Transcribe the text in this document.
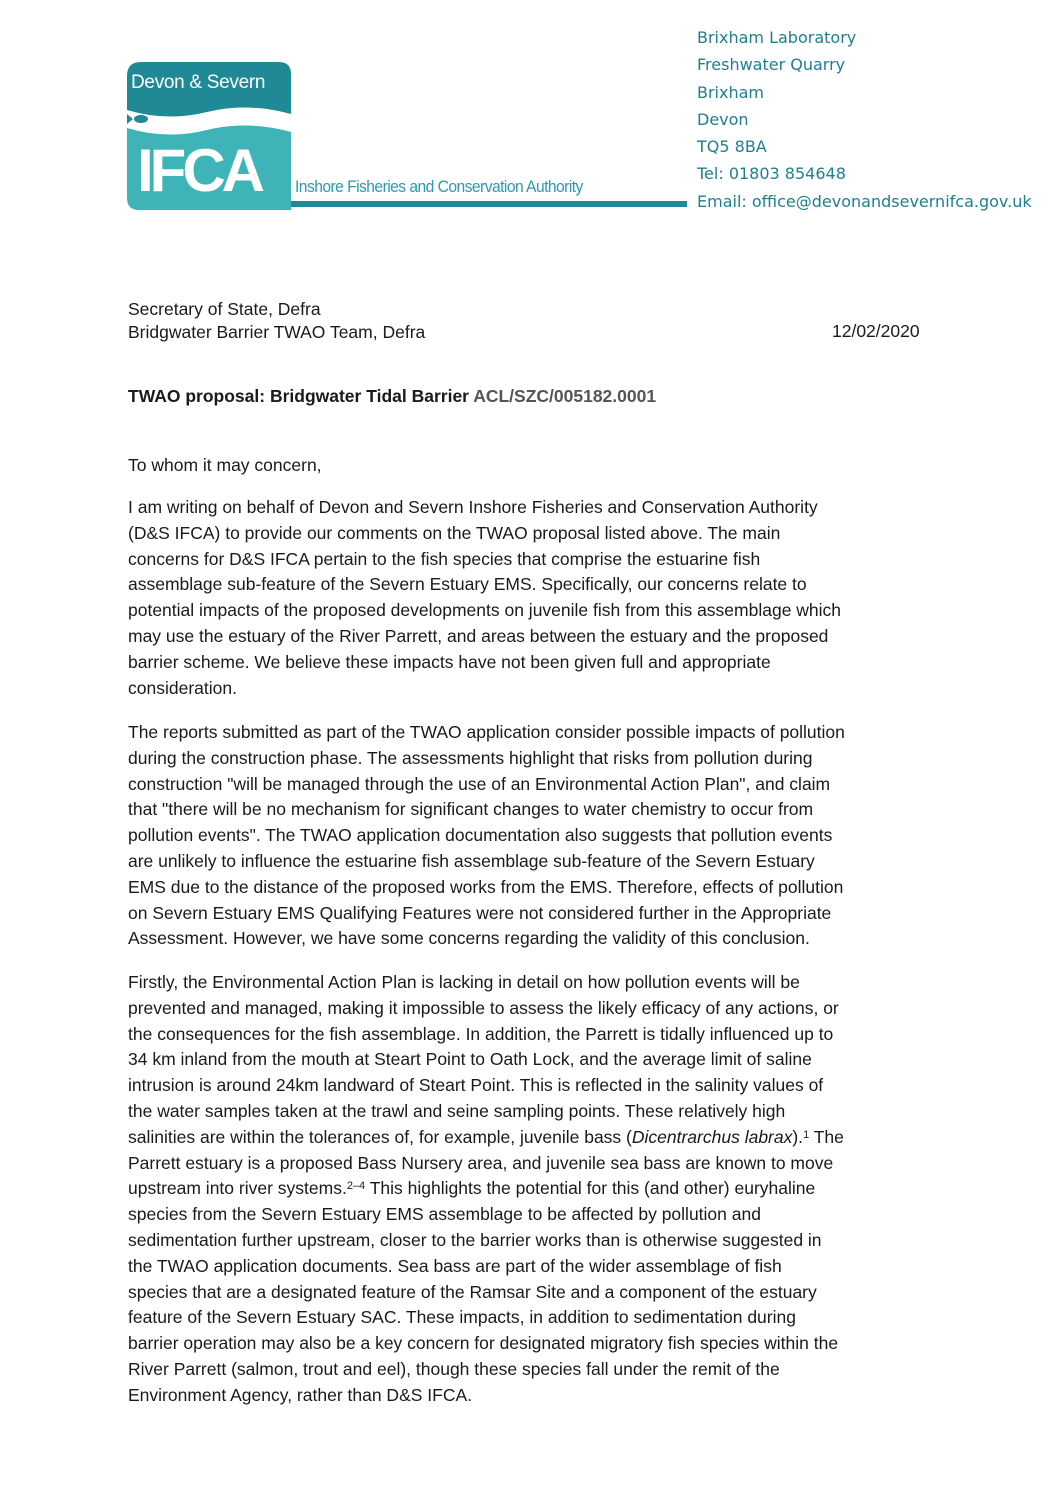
Devon & Severn
IFCA Inshore Fisheries and Conservation Authority
Brixham Laboratory
Freshwater Quarry
Brixham
Devon
TQ5 8BA
Tel: 01803 854648
Email: office@devonandsevernifca.gov.uk
Secretary of State, Defra
Bridgwater Barrier TWAO Team, Defra	12/02/2020
TWAO proposal: Bridgwater Tidal Barrier ACL/SZC/005182.0001
To whom it may concern,

I am writing on behalf of Devon and Severn Inshore Fisheries and Conservation Authority

(D&S IFCA) to provide our comments on the TWAO proposal listed above. The main

concerns for D&S IFCA pertain to the fish species that comprise the estuarine fish

assemblage sub-feature of the Severn Estuary EMS. Specifically, our concerns relate to

potential impacts of the proposed developments on juvenile fish from this assemblage which

may use the estuary of the River Parrett, and areas between the estuary and the proposed

barrier scheme. We believe these impacts have not been given full and appropriate

consideration.

The reports submitted as part of the TWAO application consider possible impacts of pollution

during the construction phase. The assessments highlight that risks from pollution during

construction "will be managed through the use of an Environmental Action Plan", and claim

that "there will be no mechanism for significant changes to water chemistry to occur from

pollution events". The TWAO application documentation also suggests that pollution events

are unlikely to influence the estuarine fish assemblage sub-feature of the Severn Estuary

EMS due to the distance of the proposed works from the EMS. Therefore, effects of pollution

on Severn Estuary EMS Qualifying Features were not considered further in the Appropriate

Assessment. However, we have some concerns regarding the validity of this conclusion.

Firstly, the Environmental Action Plan is lacking in detail on how pollution events will be

prevented and managed, making it impossible to assess the likely efficacy of any actions, or

the consequences for the fish assemblage. In addition, the Parrett is tidally influenced up to

34 km inland from the mouth at Steart Point to Oath Lock, and the average limit of saline

intrusion is around 24km landward of Steart Point. This is reflected in the salinity values of

the water samples taken at the trawl and seine sampling points. These relatively high

salinities are within the tolerances of, for example, juvenile bass (Dicentrarchus labrax).$^1$ The

Parrett estuary is a proposed Bass Nursery area, and juvenile sea bass are known to move

upstream into river systems.$^{2-4}$ This highlights the potential for this (and other) euryhaline

species from the Severn Estuary EMS assemblage to be affected by pollution and

sedimentation further upstream, closer to the barrier works than is otherwise suggested in

the TWAO application documents. Sea bass are part of the wider assemblage of fish

species that are a designated feature of the Ramsar Site and a component of the estuary

feature of the Severn Estuary SAC. These impacts, in addition to sedimentation during

barrier operation may also be a key concern for designated migratory fish species within the

River Parrett (salmon, trout and eel), though these species fall under the remit of the

Environment Agency, rather than D&S IFCA.
